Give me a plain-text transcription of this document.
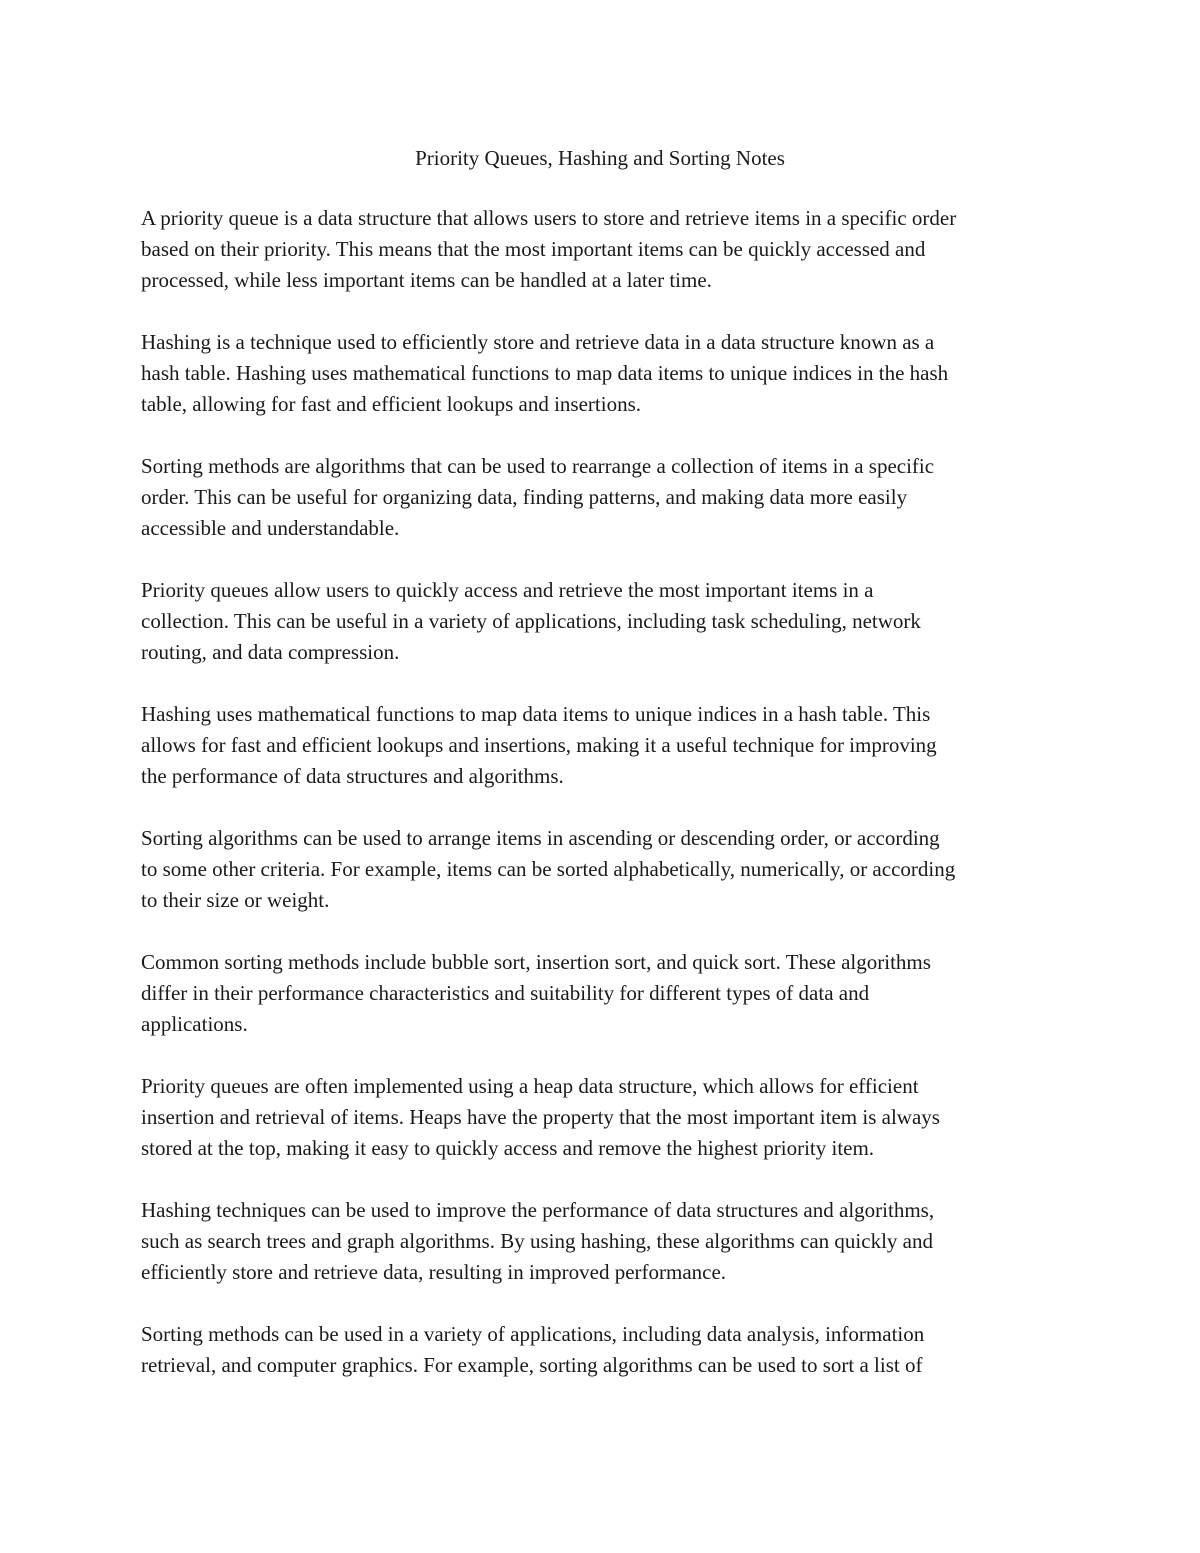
Priority Queues, Hashing and Sorting Notes

A priority queue is a data structure that allows users to store and retrieve items in a specific order
based on their priority. This means that the most important items can be quickly accessed and
processed, while less important items can be handled at a later time.

Hashing is a technique used to efficiently store and retrieve data in a data structure known as a
hash table. Hashing uses mathematical functions to map data items to unique indices in the hash
table, allowing for fast and efficient lookups and insertions.

Sorting methods are algorithms that can be used to rearrange a collection of items in a specific
order. This can be useful for organizing data, finding patterns, and making data more easily
accessible and understandable.

Priority queues allow users to quickly access and retrieve the most important items in a
collection. This can be useful in a variety of applications, including task scheduling, network
routing, and data compression.

Hashing uses mathematical functions to map data items to unique indices in a hash table. This
allows for fast and efficient lookups and insertions, making it a useful technique for improving
the performance of data structures and algorithms.

Sorting algorithms can be used to arrange items in ascending or descending order, or according
to some other criteria. For example, items can be sorted alphabetically, numerically, or according
to their size or weight.

Common sorting methods include bubble sort, insertion sort, and quick sort. These algorithms
differ in their performance characteristics and suitability for different types of data and
applications.

Priority queues are often implemented using a heap data structure, which allows for efficient
insertion and retrieval of items. Heaps have the property that the most important item is always
stored at the top, making it easy to quickly access and remove the highest priority item.

Hashing techniques can be used to improve the performance of data structures and algorithms,
such as search trees and graph algorithms. By using hashing, these algorithms can quickly and
efficiently store and retrieve data, resulting in improved performance.

Sorting methods can be used in a variety of applications, including data analysis, information
retrieval, and computer graphics. For example, sorting algorithms can be used to sort a list of
